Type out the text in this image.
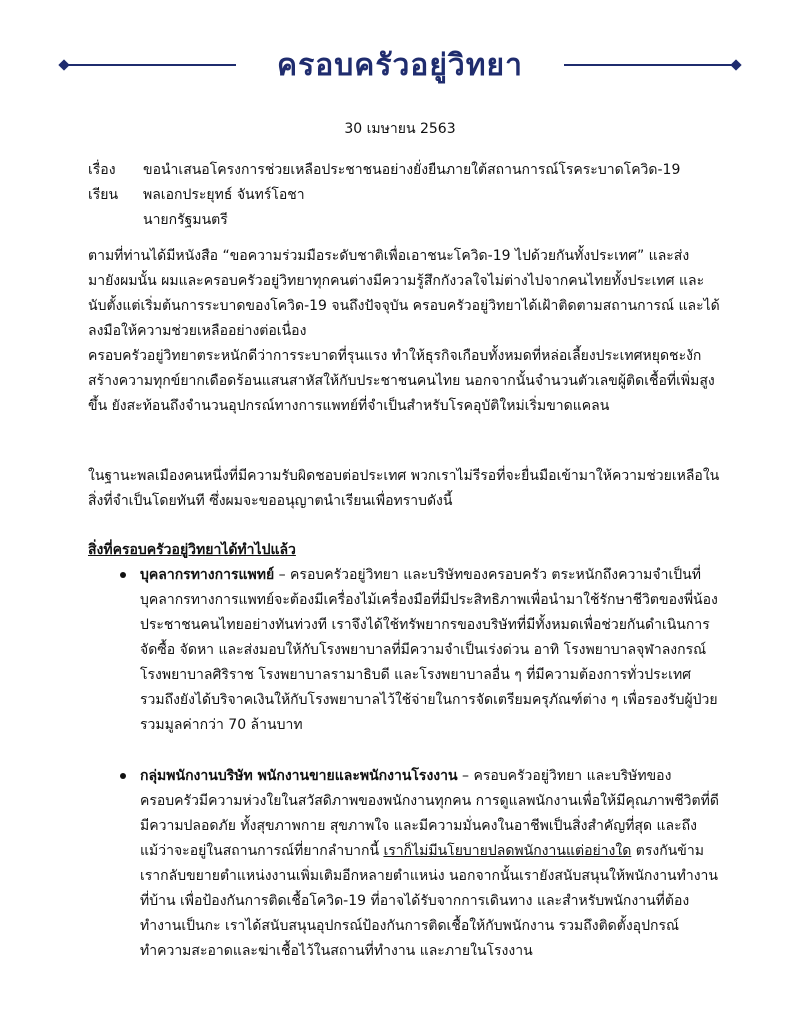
ครอบครัวอยู่วิทยา
30 เมษายน 2563
เรื่อง	ขอนำเสนอโครงการช่วยเหลือประชาชนอย่างยั่งยืนภายใต้สถานการณ์โรคระบาดโควิด-19
เรียน	พลเอกประยุทธ์ จันทร์โอชา
นายกรัฐมนตรี
ตามที่ท่านได้มีหนังสือ “ขอความร่วมมือระดับชาติเพื่อเอาชนะโควิด-19 ไปด้วยกันทั้งประเทศ” และส่งมายังผมนั้น ผมและครอบครัวอยู่วิทยาทุกคนต่างมีความรู้สึกกังวลใจไม่ต่างไปจากคนไทยทั้งประเทศ และนับตั้งแต่เริ่มต้นการระบาดของโควิด-19 จนถึงปัจจุบัน ครอบครัวอยู่วิทยาได้เฝ้าติดตามสถานการณ์ และได้ ลงมือให้ความช่วยเหลืออย่างต่อเนื่อง
ครอบครัวอยู่วิทยาตระหนักดีว่าการระบาดที่รุนแรง ทำให้ธุรกิจเกือบทั้งหมดที่หล่อเลี้ยงประเทศหยุดชะงัก สร้างความทุกข์ยากเดือดร้อนแสนสาหัสให้กับประชาชนคนไทย นอกจากนั้นจำนวนตัวเลขผู้ติดเชื้อที่เพิ่มสูงขึ้น ยังสะท้อนถึงจำนวนอุปกรณ์ทางการแพทย์ที่จำเป็นสำหรับโรคอุบัติใหม่เริ่มขาดแคลน
ในฐานะพลเมืองคนหนึ่งที่มีความรับผิดชอบต่อประเทศ พวกเราไม่รีรอที่จะยื่นมือเข้ามาให้ความช่วยเหลือในสิ่งที่จำเป็นโดยทันที ซึ่งผมจะขออนุญาตนำเรียนเพื่อทราบดังนี้
สิ่งที่ครอบครัวอยู่วิทยาได้ทำไปแล้ว
บุคลากรทางการแพทย์ – ครอบครัวอยู่วิทยา และบริษัทของครอบครัว ตระหนักถึงความจำเป็นที่บุคลากรทางการแพทย์จะต้องมีเครื่องไม้เครื่องมือที่มีประสิทธิภาพเพื่อนำมาใช้รักษาชีวิตของพี่น้องประชาชนคนไทยอย่างทันท่วงที เราจึงได้ใช้ทรัพยากรของบริษัทที่มีทั้งหมดเพื่อช่วยกันดำเนินการจัดซื้อ จัดหา และส่งมอบให้กับโรงพยาบาลที่มีความจำเป็นเร่งด่วน อาทิ โรงพยาบาลจุฬาลงกรณ์ โรงพยาบาลศิริราช โรงพยาบาลรามาธิบดี และโรงพยาบาลอื่น ๆ ที่มีความต้องการทั่วประเทศ รวมถึงยังได้บริจาคเงินให้กับโรงพยาบาลไว้ใช้จ่ายในการจัดเตรียมครุภัณฑ์ต่าง ๆ เพื่อรองรับผู้ป่วย รวมมูลค่ากว่า 70 ล้านบาท
กลุ่มพนักงานบริษัท พนักงานขายและพนักงานโรงงาน – ครอบครัวอยู่วิทยา และบริษัทของครอบครัวมีความห่วงใยในสวัสดิภาพของพนักงานทุกคน การดูแลพนักงานเพื่อให้มีคุณภาพชีวิตที่ดี มีความปลอดภัย ทั้งสุขภาพกาย สุขภาพใจ และมีความมั่นคงในอาชีพเป็นสิ่งสำคัญที่สุด และถึงแม้ว่าจะอยู่ในสถานการณ์ที่ยากลำบากนี้ เราก็ไม่มีนโยบายปลดพนักงานแต่อย่างใด ตรงกันข้ามเรากลับขยายตำแหน่งงานเพิ่มเติมอีกหลายตำแหน่ง นอกจากนั้นเรายังสนับสนุนให้พนักงานทำงาน ที่บ้าน เพื่อป้องกันการติดเชื้อโควิด-19 ที่อาจได้รับจากการเดินทาง และสำหรับพนักงานที่ต้องทำงานเป็นกะ เราได้สนับสนุนอุปกรณ์ป้องกันการติดเชื้อให้กับพนักงาน รวมถึงติดตั้งอุปกรณ์ทำความสะอาดและฆ่าเชื้อไว้ในสถานที่ทำงาน และภายในโรงงาน
